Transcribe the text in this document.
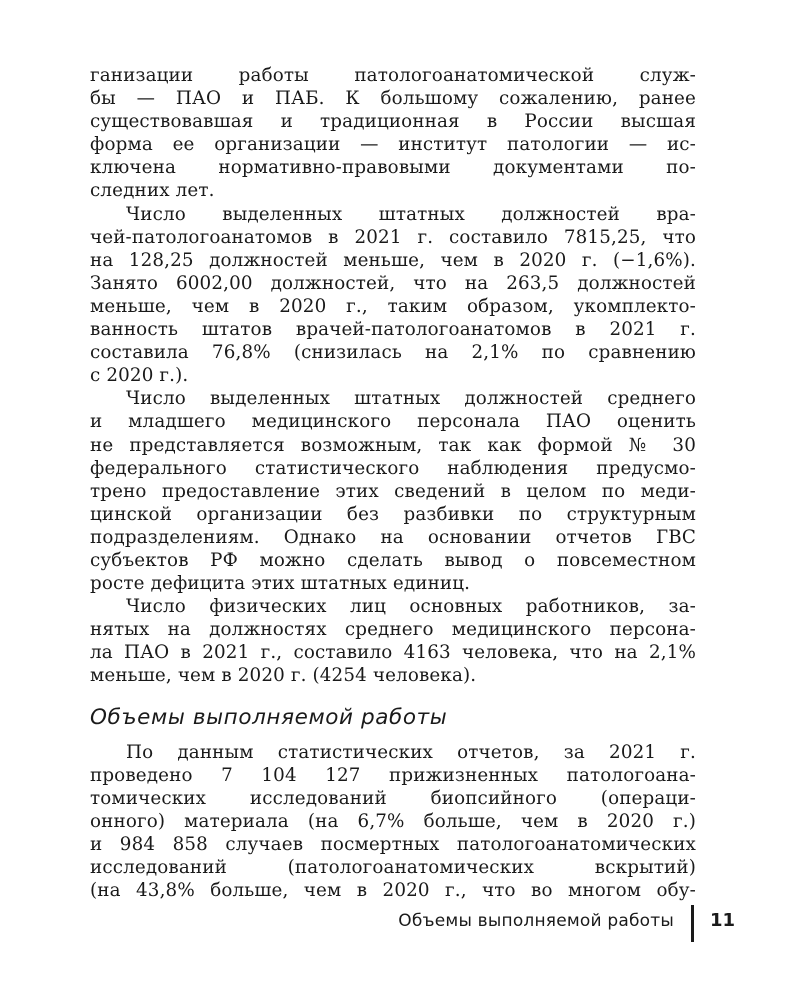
ганизации работы патологоанатомической служ-
бы — ПАО и ПАБ. К большому сожалению, ранее
существовавшая и традиционная в России высшая
форма ее организации — институт патологии — ис-
ключена нормативно-правовыми документами по-
следних лет.
Число выделенных штатных должностей вра-
чей-патологоанатомов в 2021 г. составило 7815,25, что
на 128,25 должностей меньше, чем в 2020 г. (−1,6%).
Занято 6002,00 должностей, что на 263,5 должностей
меньше, чем в 2020 г., таким образом, укомплекто-
ванность штатов врачей-патологоанатомов в 2021 г.
составила 76,8% (снизилась на 2,1% по сравнению
с 2020 г.).
Число выделенных штатных должностей среднего
и младшего медицинского персонала ПАО оценить
не представляется возможным, так как формой № 30
федерального статистического наблюдения предусмо-
трено предоставление этих сведений в целом по меди-
цинской организации без разбивки по структурным
подразделениям. Однако на основании отчетов ГВС
субъектов РФ можно сделать вывод о повсеместном
росте дефицита этих штатных единиц.
Число физических лиц основных работников, за-
нятых на должностях среднего медицинского персона-
ла ПАО в 2021 г., составило 4163 человека, что на 2,1%
меньше, чем в 2020 г. (4254 человека).
Объемы выполняемой работы
По данным статистических отчетов, за 2021 г.
проведено 7 104 127 прижизненных патологоана-
томических исследований биопсийного (операци-
онного) материала (на 6,7% больше, чем в 2020 г.)
и 984 858 случаев посмертных патологоанатомических
исследований (патологоанатомических вскрытий)
(на 43,8% больше, чем в 2020 г., что во многом обу-
Объемы выполняемой работы 11
